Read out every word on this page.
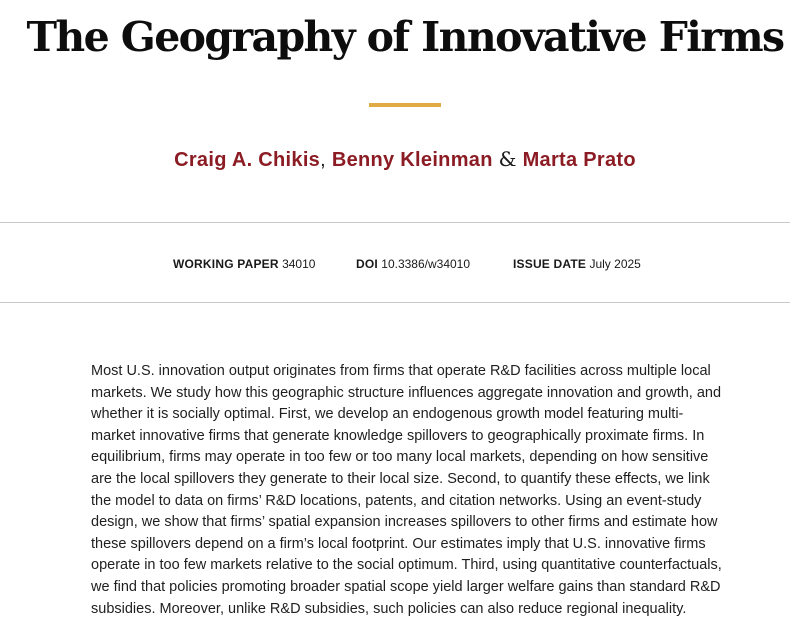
The Geography of Innovative Firms
Craig A. Chikis, Benny Kleinman & Marta Prato
WORKING PAPER 34010	DOI 10.3386/w34010	ISSUE DATE July 2025

Most U.S. innovation output originates from firms that operate R&D facilities across multiple local markets. We study how this geographic structure influences aggregate innovation and growth, and whether it is socially optimal. First, we develop an endogenous growth model featuring multi-market innovative firms that generate knowledge spillovers to geographically proximate firms. In equilibrium, firms may operate in too few or too many local markets, depending on how sensitive are the local spillovers they generate to their local size. Second, to quantify these effects, we link the model to data on firms’ R&D locations, patents, and citation networks. Using an event-study design, we show that firms’ spatial expansion increases spillovers to other firms and estimate how these spillovers depend on a firm’s local footprint. Our estimates imply that U.S. innovative firms operate in too few markets relative to the social optimum. Third, using quantitative counterfactuals, we find that policies promoting broader spatial scope yield larger welfare gains than standard R&D subsidies. Moreover, unlike R&D subsidies, such policies can also reduce regional inequality.
